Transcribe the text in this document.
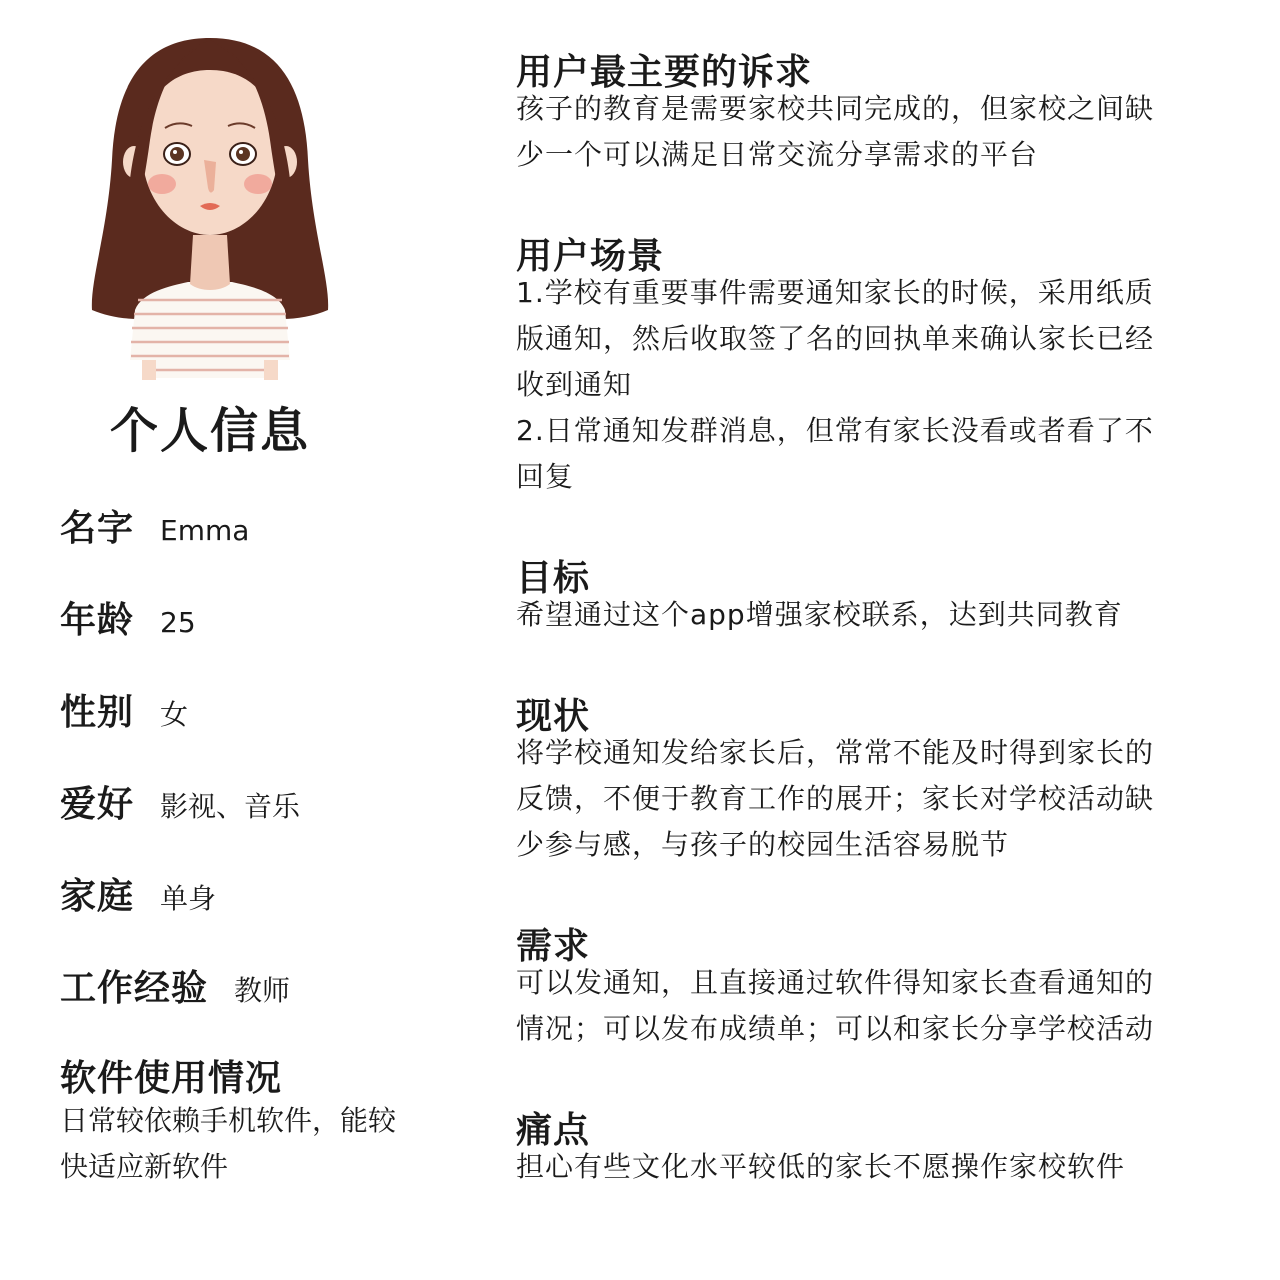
个人信息
名字 Emma
年龄 25
性别 女
爱好 影视、音乐
家庭 单身
工作经验 教师
软件使用情况
日常较依赖手机软件，能较
快适应新软件
用户最主要的诉求
孩子的教育是需要家校共同完成的，但家校之间缺
少一个可以满足日常交流分享需求的平台
用户场景
1.学校有重要事件需要通知家长的时候，采用纸质
版通知，然后收取签了名的回执单来确认家长已经
收到通知
2.日常通知发群消息，但常有家长没看或者看了不
回复
目标
希望通过这个app增强家校联系，达到共同教育
现状
将学校通知发给家长后，常常不能及时得到家长的
反馈，不便于教育工作的展开；家长对学校活动缺
少参与感，与孩子的校园生活容易脱节
需求
可以发通知，且直接通过软件得知家长查看通知的
情况；可以发布成绩单；可以和家长分享学校活动
痛点
担心有些文化水平较低的家长不愿操作家校软件
